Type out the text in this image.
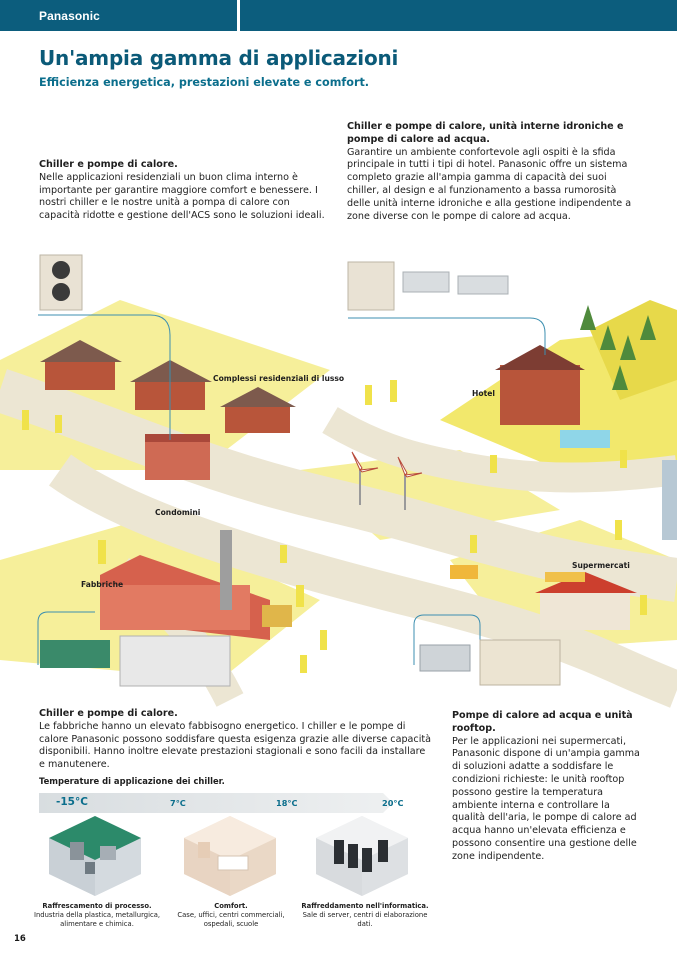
Panasonic
Un'ampia gamma di applicazioni
Efficienza energetica, prestazioni elevate e comfort.
Chiller e pompe di calore.
Nelle applicazioni residenziali un buon clima interno è importante per garantire maggiore comfort e benessere. I nostri chiller e le nostre unità a pompa di calore con capacità ridotte e gestione dell'ACS sono le soluzioni ideali.
Chiller e pompe di calore, unità interne idroniche e pompe di calore ad acqua.
Garantire un ambiente confortevole agli ospiti è la sfida principale in tutti i tipi di hotel. Panasonic offre un sistema completo grazie all'ampia gamma di capacità dei suoi chiller, al design e al funzionamento a bassa rumorosità delle unità interne idroniche e alla gestione indipendente a zone diverse con le pompe di calore ad acqua.
Complessi residenziali di lusso
Hotel
Condomini
Fabbriche
Supermercati
Chiller e pompe di calore.
Le fabbriche hanno un elevato fabbisogno energetico. I chiller e le pompe di calore Panasonic possono soddisfare questa esigenza grazie alle diverse capacità disponibili. Hanno inoltre elevate prestazioni stagionali e sono facili da installare e manutenere.
Pompe di calore ad acqua e unità rooftop.
Per le applicazioni nei supermercati, Panasonic dispone di un'ampia gamma di soluzioni adatte a soddisfare le condizioni richieste: le unità rooftop possono gestire la temperatura ambiente interna e controllare la qualità dell'aria, le pompe di calore ad acqua hanno un'elevata efficienza e possono consentire una gestione delle zone indipendente.
Temperature di applicazione dei chiller.
-15°C	7°C	18°C	20°C
Raffrescamento di processo.
Industria della plastica, metallurgica, alimentare e chimica.
Comfort.
Case, uffici, centri commerciali, ospedali, scuole
Raffreddamento nell'informatica.
Sale di server, centri di elaborazione dati.
16
